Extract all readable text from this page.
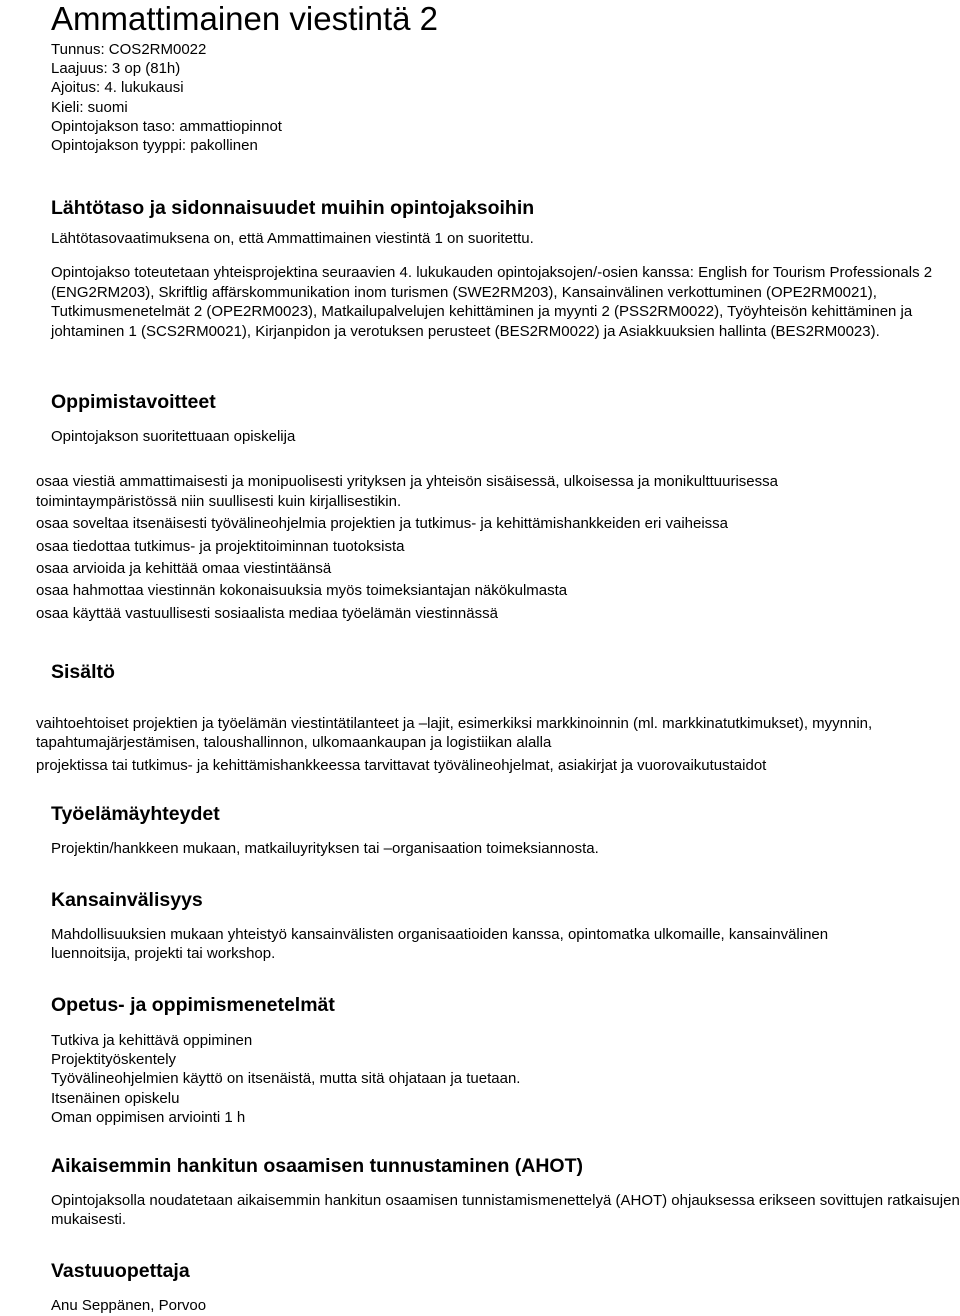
Ammattimainen viestintä 2
Tunnus: COS2RM0022
Laajuus: 3 op (81h)
Ajoitus: 4. lukukausi
Kieli: suomi
Opintojakson taso: ammattiopinnot
Opintojakson tyyppi: pakollinen
Lähtötaso ja sidonnaisuudet muihin opintojaksoihin

Lähtötasovaatimuksena on, että Ammattimainen viestintä 1 on suoritettu.

Opintojakso toteutetaan yhteisprojektina seuraavien 4. lukukauden opintojaksojen/-osien kanssa: English for Tourism Professionals 2 (ENG2RM203), Skriftlig affärskommunikation inom turismen (SWE2RM203), Kansainvälinen verkottuminen (OPE2RM0021), Tutkimusmenetelmät 2 (OPE2RM0023), Matkailupalvelujen kehittäminen ja myynti 2 (PSS2RM0022), Työyhteisön kehittäminen ja johtaminen 1 (SCS2RM0021), Kirjanpidon ja verotuksen perusteet (BES2RM0022) ja Asiakkuuksien hallinta (BES2RM0023).

Oppimistavoitteet

Opintojakson suoritettuaan opiskelija

osaa viestiä ammattimaisesti ja monipuolisesti yrityksen ja yhteisön sisäisessä, ulkoisessa ja monikulttuurisessa toimintaympäristössä niin suullisesti kuin kirjallisestikin.
osaa soveltaa itsenäisesti työvälineohjelmia projektien ja tutkimus- ja kehittämishankkeiden eri vaiheissa
osaa tiedottaa tutkimus- ja projektitoiminnan tuotoksista
osaa arvioida ja kehittää omaa viestintäänsä
osaa hahmottaa viestinnän kokonaisuuksia myös toimeksiantajan näkökulmasta
osaa käyttää vastuullisesti sosiaalista mediaa työelämän viestinnässä
Sisältö
vaihtoehtoiset projektien ja työelämän viestintätilanteet ja –lajit, esimerkiksi markkinoinnin (ml. markkinatutkimukset), myynnin, tapahtumajärjestämisen, taloushallinnon, ulkomaankaupan ja logistiikan alalla
projektissa tai tutkimus- ja kehittämishankkeessa tarvittavat työvälineohjelmat, asiakirjat ja vuorovaikutustaidot
Työelämäyhteydet

Projektin/hankkeen mukaan, matkailuyrityksen tai –organisaation toimeksiannosta.

Kansainvälisyys

Mahdollisuuksien mukaan yhteistyö kansainvälisten organisaatioiden kanssa, opintomatka ulkomaille, kansainvälinen luennoitsija, projekti tai workshop.

Opetus- ja oppimismenetelmät
Tutkiva ja kehittävä oppiminen
Projektityöskentely
Työvälineohjelmien käyttö on itsenäistä, mutta sitä ohjataan ja tuetaan.
Itsenäinen opiskelu
Oman oppimisen arviointi 1 h
Aikaisemmin hankitun osaamisen tunnustaminen (AHOT)

Opintojaksolla noudatetaan aikaisemmin hankitun osaamisen tunnistamismenettelyä (AHOT) ohjauksessa erikseen sovittujen ratkaisujen mukaisesti.

Vastuuopettaja

Anu Seppänen, Porvoo
